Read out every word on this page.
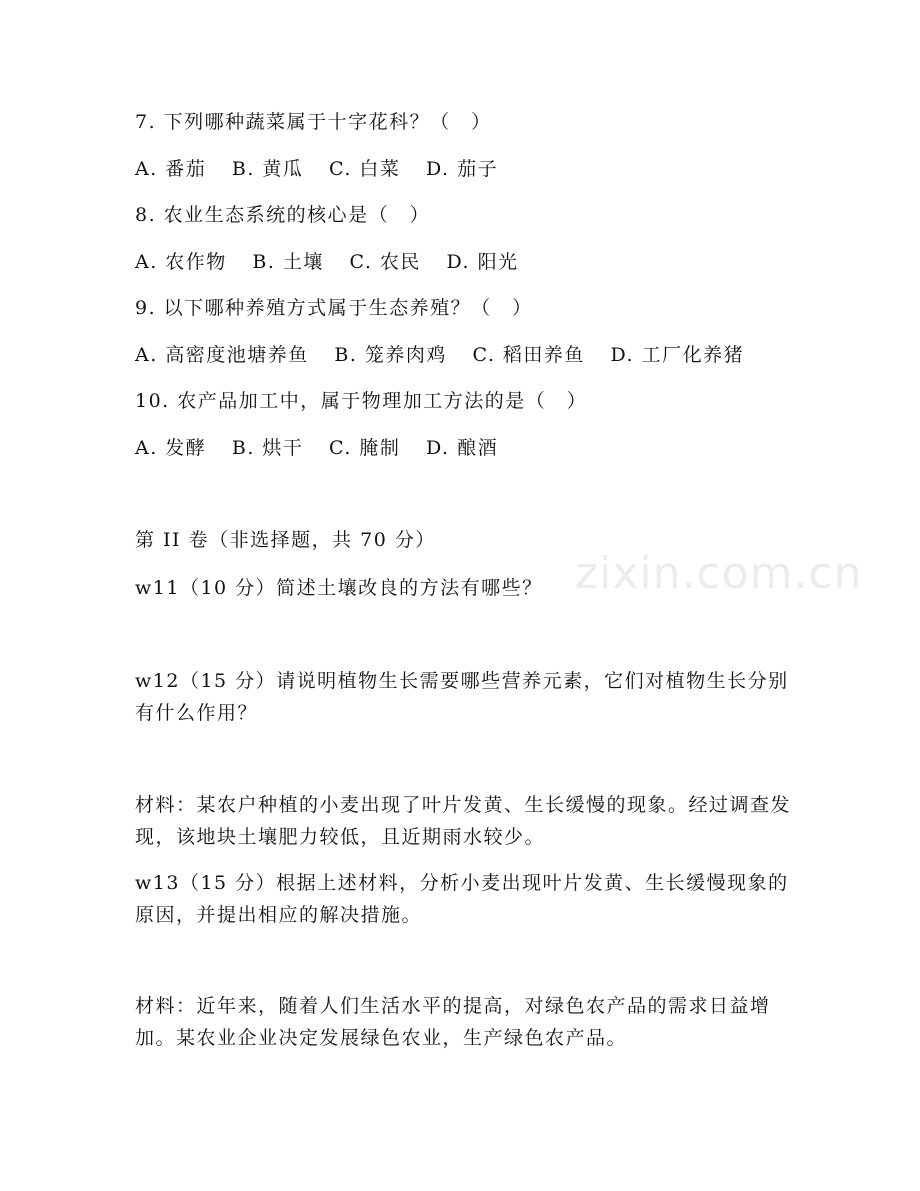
zixin.com.cn
7. 下列哪种蔬菜属于十字花科？（　）
A. 番茄 B. 黄瓜 C. 白菜 D. 茄子
8. 农业生态系统的核心是（　）
A. 农作物 B. 土壤 C. 农民 D. 阳光
9. 以下哪种养殖方式属于生态养殖？（　）
A. 高密度池塘养鱼 B. 笼养肉鸡 C. 稻田养鱼 D. 工厂化养猪
10. 农产品加工中，属于物理加工方法的是（　）
A. 发酵 B. 烘干 C. 腌制 D. 酿酒
第 II 卷（非选择题，共 70 分）
w11（10 分）简述土壤改良的方法有哪些？
w12（15 分）请说明植物生长需要哪些营养元素，它们对植物生长分别有什么作用？
材料：某农户种植的小麦出现了叶片发黄、生长缓慢的现象。经过调查发现，该地块土壤肥力较低，且近期雨水较少。
w13（15 分）根据上述材料，分析小麦出现叶片发黄、生长缓慢现象的原因，并提出相应的解决措施。
材料：近年来，随着人们生活水平的提高，对绿色农产品的需求日益增加。某农业企业决定发展绿色农业，生产绿色农产品。
